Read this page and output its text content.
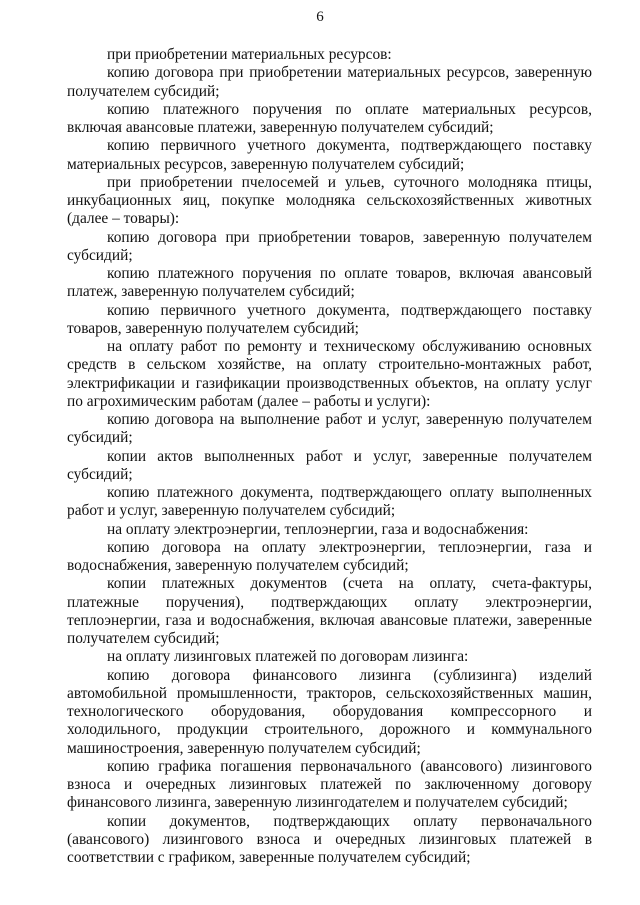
6

при приобретении материальных ресурсов:

копию договора при приобретении материальных ресурсов, заверенную получателем субсидий;

копию платежного поручения по оплате материальных ресурсов, включая авансовые платежи, заверенную получателем субсидий;

копию первичного учетного документа, подтверждающего поставку материальных ресурсов, заверенную получателем субсидий;

при приобретении пчелосемей и ульев, суточного молодняка птицы, инкубационных яиц, покупке молодняка сельскохозяйственных животных (далее – товары):

копию договора при приобретении товаров, заверенную получателем субсидий;

копию платежного поручения по оплате товаров, включая авансовый платеж, заверенную получателем субсидий;

копию первичного учетного документа, подтверждающего поставку товаров, заверенную получателем субсидий;

на оплату работ по ремонту и техническому обслуживанию основных средств в сельском хозяйстве, на оплату строительно-монтажных работ, электрификации и газификации производственных объектов, на оплату услуг по агрохимическим работам (далее – работы и услуги):

копию договора на выполнение работ и услуг, заверенную получателем субсидий;

копии актов выполненных работ и услуг, заверенные получателем субсидий;

копию платежного документа, подтверждающего оплату выполненных работ и услуг, заверенную получателем субсидий;

на оплату электроэнергии, теплоэнергии, газа и водоснабжения:

копию договора на оплату электроэнергии, теплоэнергии, газа и водоснабжения, заверенную получателем субсидий;

копии платежных документов (счета на оплату, счета-фактуры, платежные поручения), подтверждающих оплату электроэнергии, теплоэнергии, газа и водоснабжения, включая авансовые платежи, заверенные получателем субсидий;

на оплату лизинговых платежей по договорам лизинга:

копию договора финансового лизинга (сублизинга) изделий автомобильной промышленности, тракторов, сельскохозяйственных машин, технологического оборудования, оборудования компрессорного и холодильного, продукции строительного, дорожного и коммунального машиностроения, заверенную получателем субсидий;

копию графика погашения первоначального (авансового) лизингового взноса и очередных лизинговых платежей по заключенному договору финансового лизинга, заверенную лизингодателем и получателем субсидий;

копии документов, подтверждающих оплату первоначального (авансового) лизингового взноса и очередных лизинговых платежей в соответствии с графиком, заверенные получателем субсидий;
